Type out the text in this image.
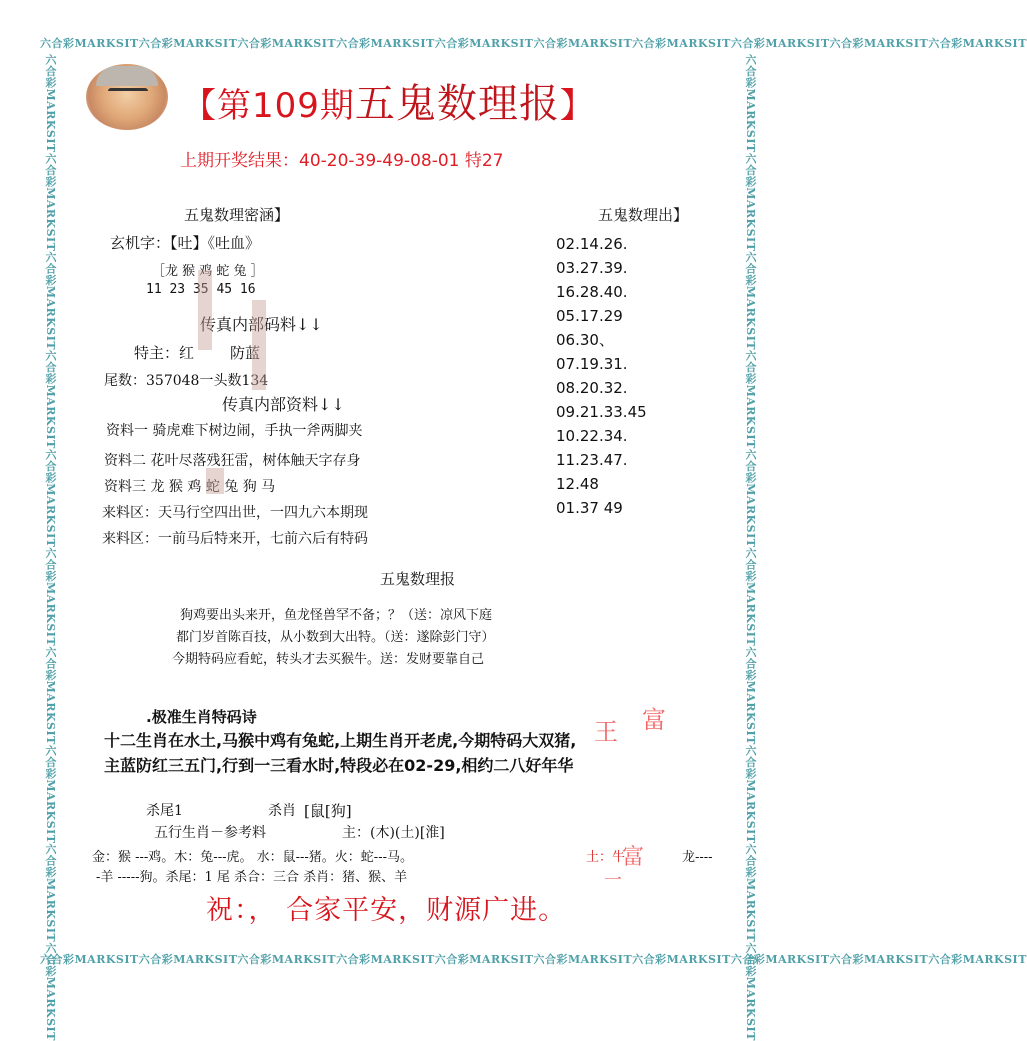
六合彩MARKSIT六合彩MARKSIT六合彩MARKSIT六合彩MARKSIT六合彩MARKSIT六合彩MARKSIT六合彩MARKSIT六合彩MARKSIT六合彩MARKSIT六合彩MARKSIT
六合彩MARKSIT六合彩MARKSIT六合彩MARKSIT六合彩MARKSIT六合彩MARKSIT六合彩MARKSIT六合彩MARKSIT六合彩MARKSIT六合彩MARKSIT六合彩MARKSIT
六合彩MARKSIT六合彩MARKSIT六合彩MARKSIT六合彩MARKSIT六合彩MARKSIT六合彩MARKSIT六合彩MARKSIT六合彩MARKSIT六合彩MARKSIT六合彩MARKSIT	六合彩MARKSIT六合彩MARKSIT六合彩MARKSIT六合彩MARKSIT六合彩MARKSIT六合彩MARKSIT六合彩MARKSIT六合彩MARKSIT六合彩MARKSIT六合彩MARKSIT
【第109期五鬼数理报】
上期开奖结果：40-20-39-49-08-01 特27
五鬼数理密涵】
玄机字：【吐】《吐血》
［龙 猴 鸡 蛇 兔 ］
11 23 35 45 16
传真内部码料↓↓
特主：红 防蓝
尾数：357048一头数134
传真内部资料↓↓
资料一 骑虎难下树边闹，手执一斧两脚夹
资料二 花叶尽落残狂雷，树体触天字存身
资料三 龙 猴 鸡 蛇 兔 狗 马
来料区：天马行空四出世，一四九六本期现
来料区：一前马后特来开，七前六后有特码
五鬼数理出】
02.14.26.
03.27.39.
16.28.40.
05.17.29
06.30、
07.19.31.
08.20.32.
09.21.33.45
10.22.34.
11.23.47.
12.48
01.37 49
五鬼数理报
狗鸡要出头来开，鱼龙怪兽罕不备；？（送：凉风下庭
都门岁首陈百技，从小数到大出特。（送：遂除彭门守）
今期特码应看蛇，转头才去买猴牛。送：发财要靠自己
.极准生肖特码诗
十二生肖在水土,马猴中鸡有兔蛇,上期生肖开老虎,今期特码大双猪,
主蓝防红三五门,行到一三看水时,特段必在02-29,相约二八好年华
王 富
富
一
杀尾1	杀肖 [鼠[狗]
五行生肖－参考料	主：(木)(土)[淮]
金：猴 ---鸡。木：兔---虎。 水：鼠---猪。火：蛇---马。	土：牛	龙----
-羊 -----狗。杀尾：1 尾 杀合：三合 杀肖：猪、猴、羊
祝：， 合家平安，财源广进。
